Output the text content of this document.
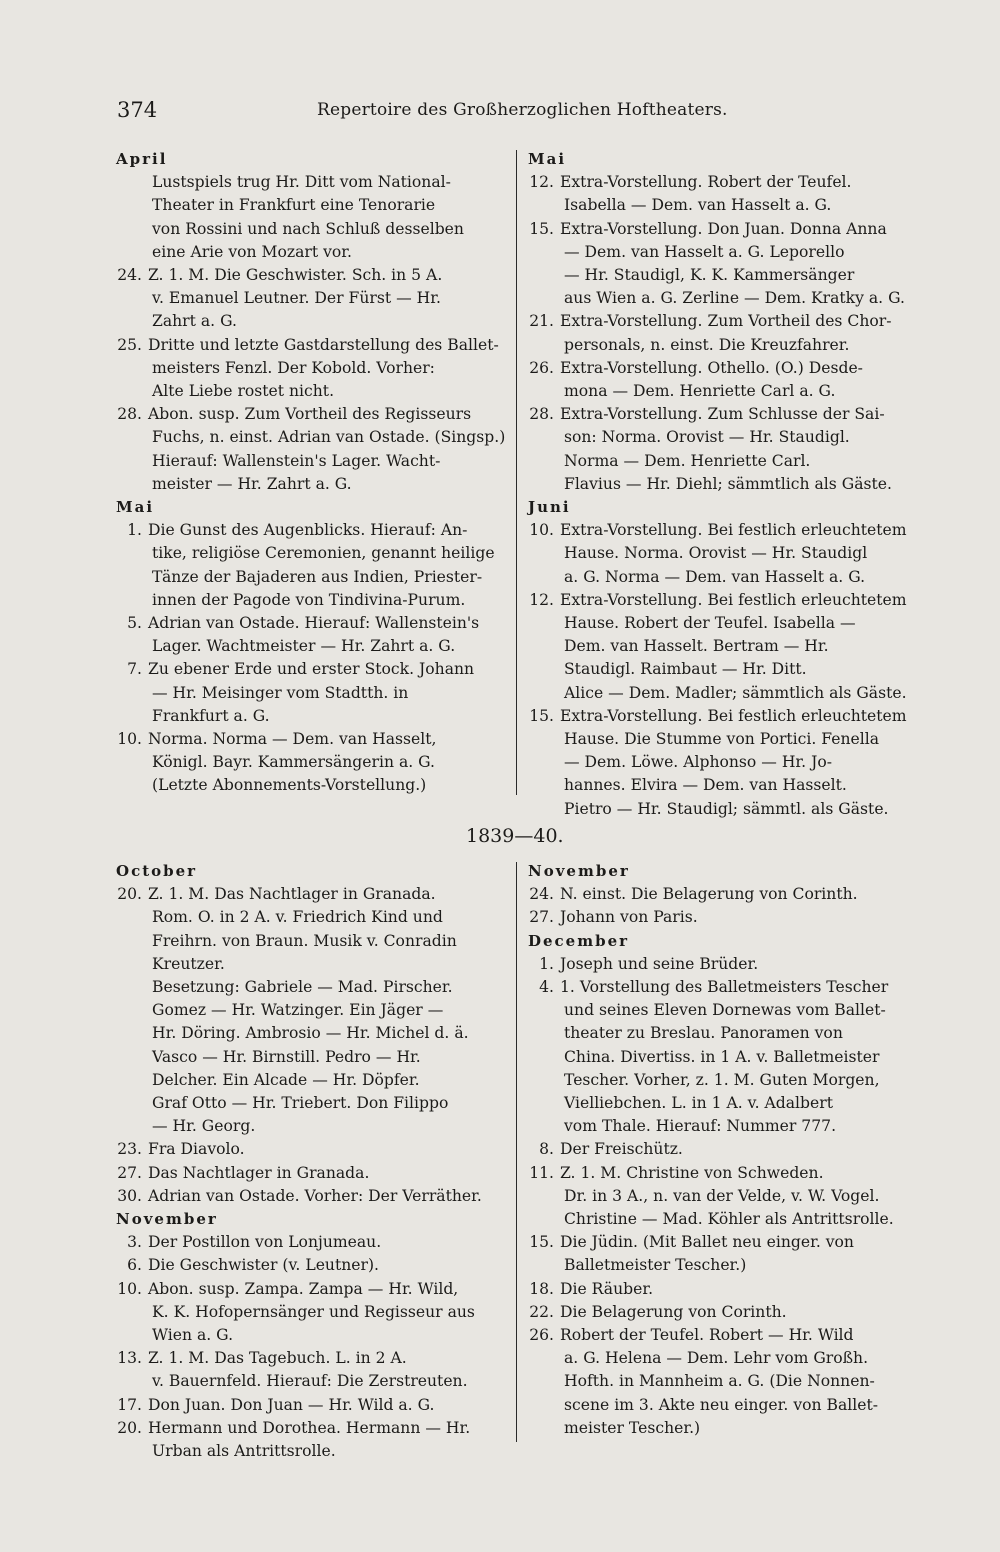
374	Repertoire des Großherzoglichen Hoftheaters.
April
Lustspiels trug Hr. Ditt vom National-
Theater in Frankfurt eine Tenorarie
von Rossini und nach Schluß desselben
eine Arie von Mozart vor.
24. Z. 1. M. Die Geschwister. Sch. in 5 A.
v. Emanuel Leutner. Der Fürst — Hr.
Zahrt a. G.
25. Dritte und letzte Gastdarstellung des Ballet-
meisters Fenzl. Der Kobold. Vorher:
Alte Liebe rostet nicht.
28. Abon. susp. Zum Vortheil des Regisseurs
Fuchs, n. einst. Adrian van Ostade. (Singsp.)
Hierauf: Wallenstein's Lager. Wacht-
meister — Hr. Zahrt a. G.
Mai
1. Die Gunst des Augenblicks. Hierauf: An-
tike, religiöse Ceremonien, genannt heilige
Tänze der Bajaderen aus Indien, Priester-
innen der Pagode von Tindivina-Purum.
5. Adrian van Ostade. Hierauf: Wallenstein's
Lager. Wachtmeister — Hr. Zahrt a. G.
7. Zu ebener Erde und erster Stock. Johann
— Hr. Meisinger vom Stadtth. in
Frankfurt a. G.
10. Norma. Norma — Dem. van Hasselt,
Königl. Bayr. Kammersängerin a. G.
(Letzte Abonnements-Vorstellung.)
Mai
12. Extra-Vorstellung. Robert der Teufel.
Isabella — Dem. van Hasselt a. G.
15. Extra-Vorstellung. Don Juan. Donna Anna
— Dem. van Hasselt a. G. Leporello
— Hr. Staudigl, K. K. Kammersänger
aus Wien a. G. Zerline — Dem. Kratky a. G.
21. Extra-Vorstellung. Zum Vortheil des Chor-
personals, n. einst. Die Kreuzfahrer.
26. Extra-Vorstellung. Othello. (O.) Desde-
mona — Dem. Henriette Carl a. G.
28. Extra-Vorstellung. Zum Schlusse der Sai-
son: Norma. Orovist — Hr. Staudigl.
Norma — Dem. Henriette Carl.
Flavius — Hr. Diehl; sämmtlich als Gäste.
Juni
10. Extra-Vorstellung. Bei festlich erleuchtetem
Hause. Norma. Orovist — Hr. Staudigl
a. G. Norma — Dem. van Hasselt a. G.
12. Extra-Vorstellung. Bei festlich erleuchtetem
Hause. Robert der Teufel. Isabella —
Dem. van Hasselt. Bertram — Hr.
Staudigl. Raimbaut — Hr. Ditt.
Alice — Dem. Madler; sämmtlich als Gäste.
15. Extra-Vorstellung. Bei festlich erleuchtetem
Hause. Die Stumme von Portici. Fenella
— Dem. Löwe. Alphonso — Hr. Jo-
hannes. Elvira — Dem. van Hasselt.
Pietro — Hr. Staudigl; sämmtl. als Gäste.
1839—40.
October
20. Z. 1. M. Das Nachtlager in Granada.
Rom. O. in 2 A. v. Friedrich Kind und
Freihrn. von Braun. Musik v. Conradin
Kreutzer.
Besetzung: Gabriele — Mad. Pirscher.
Gomez — Hr. Watzinger. Ein Jäger —
Hr. Döring. Ambrosio — Hr. Michel d. ä.
Vasco — Hr. Birnstill. Pedro — Hr.
Delcher. Ein Alcade — Hr. Döpfer.
Graf Otto — Hr. Triebert. Don Filippo
— Hr. Georg.
23. Fra Diavolo.
27. Das Nachtlager in Granada.
30. Adrian van Ostade. Vorher: Der Verräther.
November
3. Der Postillon von Lonjumeau.
6. Die Geschwister (v. Leutner).
10. Abon. susp. Zampa. Zampa — Hr. Wild,
K. K. Hofopernsänger und Regisseur aus
Wien a. G.
13. Z. 1. M. Das Tagebuch. L. in 2 A.
v. Bauernfeld. Hierauf: Die Zerstreuten.
17. Don Juan. Don Juan — Hr. Wild a. G.
20. Hermann und Dorothea. Hermann — Hr.
Urban als Antrittsrolle.
November
24. N. einst. Die Belagerung von Corinth.
27. Johann von Paris.
December
1. Joseph und seine Brüder.
4. 1. Vorstellung des Balletmeisters Tescher
und seines Eleven Dornewas vom Ballet-
theater zu Breslau. Panoramen von
China. Divertiss. in 1 A. v. Balletmeister
Tescher. Vorher, z. 1. M. Guten Morgen,
Vielliebchen. L. in 1 A. v. Adalbert
vom Thale. Hierauf: Nummer 777.
8. Der Freischütz.
11. Z. 1. M. Christine von Schweden.
Dr. in 3 A., n. van der Velde, v. W. Vogel.
Christine — Mad. Köhler als Antrittsrolle.
15. Die Jüdin. (Mit Ballet neu einger. von
Balletmeister Tescher.)
18. Die Räuber.
22. Die Belagerung von Corinth.
26. Robert der Teufel. Robert — Hr. Wild
a. G. Helena — Dem. Lehr vom Großh.
Hofth. in Mannheim a. G. (Die Nonnen-
scene im 3. Akte neu einger. von Ballet-
meister Tescher.)
